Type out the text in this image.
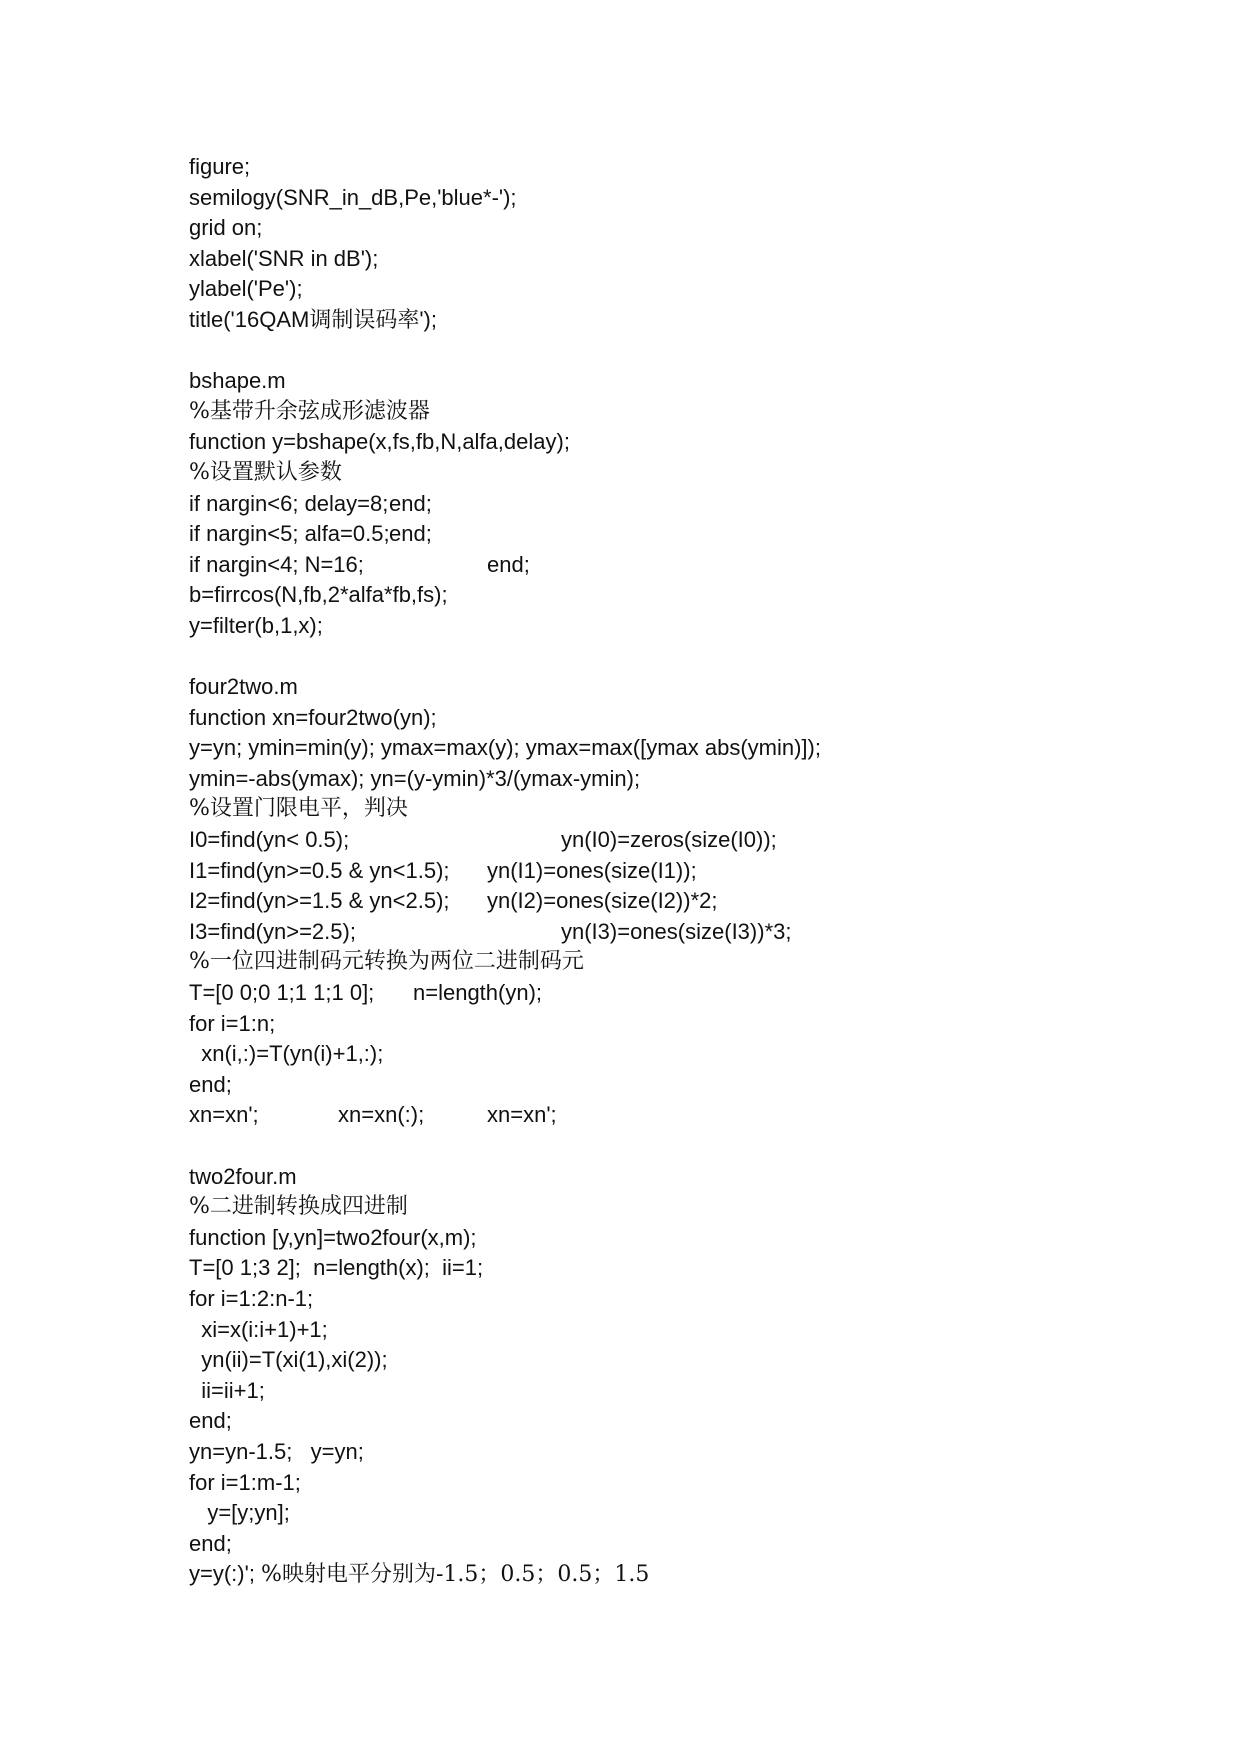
figure;
semilogy(SNR_in_dB,Pe,'blue*-');
grid on;
xlabel('SNR in dB');
ylabel('Pe');
title('16QAM调制误码率');
bshape.m
%基带升余弦成形滤波器
function y=bshape(x,fs,fb,N,alfa,delay);
%设置默认参数
if nargin<6; delay=8; end;
if nargin<5; alfa=0.5; end;
if nargin<4; N=16;	end;
b=firrcos(N,fb,2*alfa*fb,fs);
y=filter(b,1,x);
four2two.m
function xn=four2two(yn);
y=yn; ymin=min(y); ymax=max(y); ymax=max([ymax abs(ymin)]);
ymin=-abs(ymax); yn=(y-ymin)*3/(ymax-ymin);
%设置门限电平，判决
I0=find(yn< 0.5);	yn(I0)=zeros(size(I0));
I1=find(yn>=0.5 & yn<1.5); yn(I1)=ones(size(I1));
I2=find(yn>=1.5 & yn<2.5); yn(I2)=ones(size(I2))*2;
I3=find(yn>=2.5);	yn(I3)=ones(size(I3))*3;
%一位四进制码元转换为两位二进制码元
T=[0 0;0 1;1 1;1 0]; n=length(yn);
for i=1:n;
xn(i,:)=T(yn(i)+1,:);
end;
xn=xn';	xn=xn(:);	xn=xn';
two2four.m
%二进制转换成四进制
function [y,yn]=two2four(x,m);
T=[0 1;3 2];  n=length(x);  ii=1;
for i=1:2:n-1;
xi=x(i:i+1)+1;
yn(ii)=T(xi(1),xi(2));
ii=ii+1;
end;
yn=yn-1.5;   y=yn;
for i=1:m-1;
y=[y;yn];
end;
y=y(:)'; %映射电平分别为-1.5；0.5；0.5；1.5
